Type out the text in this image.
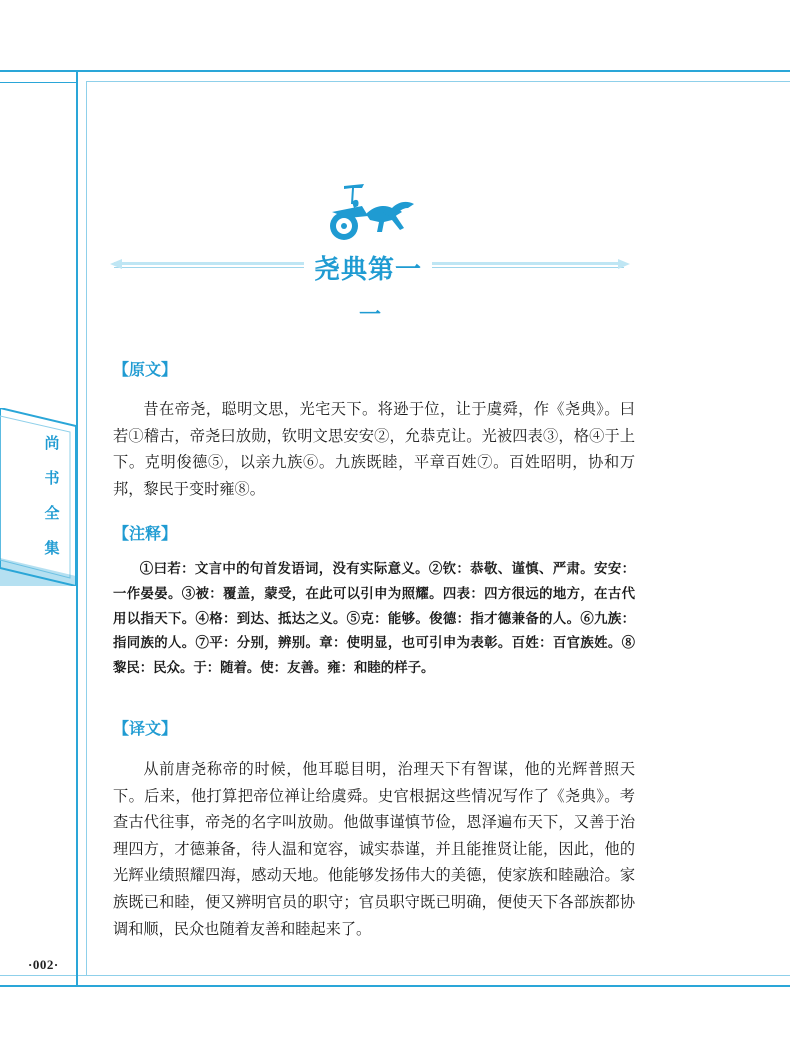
尚
书
全
集
·002·
尧典第一
一
【原文】

昔在帝尧，聪明文思，光宅天下。将逊于位，让于虞舜，作《尧典》。曰若①稽古，帝尧曰放勋，钦明文思安安②，允恭克让。光被四表③，格④于上下。克明俊德⑤，以亲九族⑥。九族既睦，平章百姓⑦。百姓昭明，协和万邦，黎民于变时雍⑧。

【注释】

①曰若：文言中的句首发语词，没有实际意义。②钦：恭敬、谨慎、严肃。安安：一作晏晏。③被：覆盖，蒙受，在此可以引申为照耀。四表：四方很远的地方，在古代用以指天下。④格：到达、抵达之义。⑤克：能够。俊德：指才德兼备的人。⑥九族：指同族的人。⑦平：分别，辨别。章：使明显，也可引申为表彰。百姓：百官族姓。⑧黎民：民众。于：随着。使：友善。雍：和睦的样子。

【译文】

从前唐尧称帝的时候，他耳聪目明，治理天下有智谋，他的光辉普照天下。后来，他打算把帝位禅让给虞舜。史官根据这些情况写作了《尧典》。考查古代往事，帝尧的名字叫放勋。他做事谨慎节俭，恩泽遍布天下，又善于治理四方，才德兼备，待人温和宽容，诚实恭谨，并且能推贤让能，因此，他的光辉业绩照耀四海，感动天地。他能够发扬伟大的美德，使家族和睦融洽。家族既已和睦，便又辨明官员的职守；官员职守既已明确，便使天下各部族都协调和顺，民众也随着友善和睦起来了。
